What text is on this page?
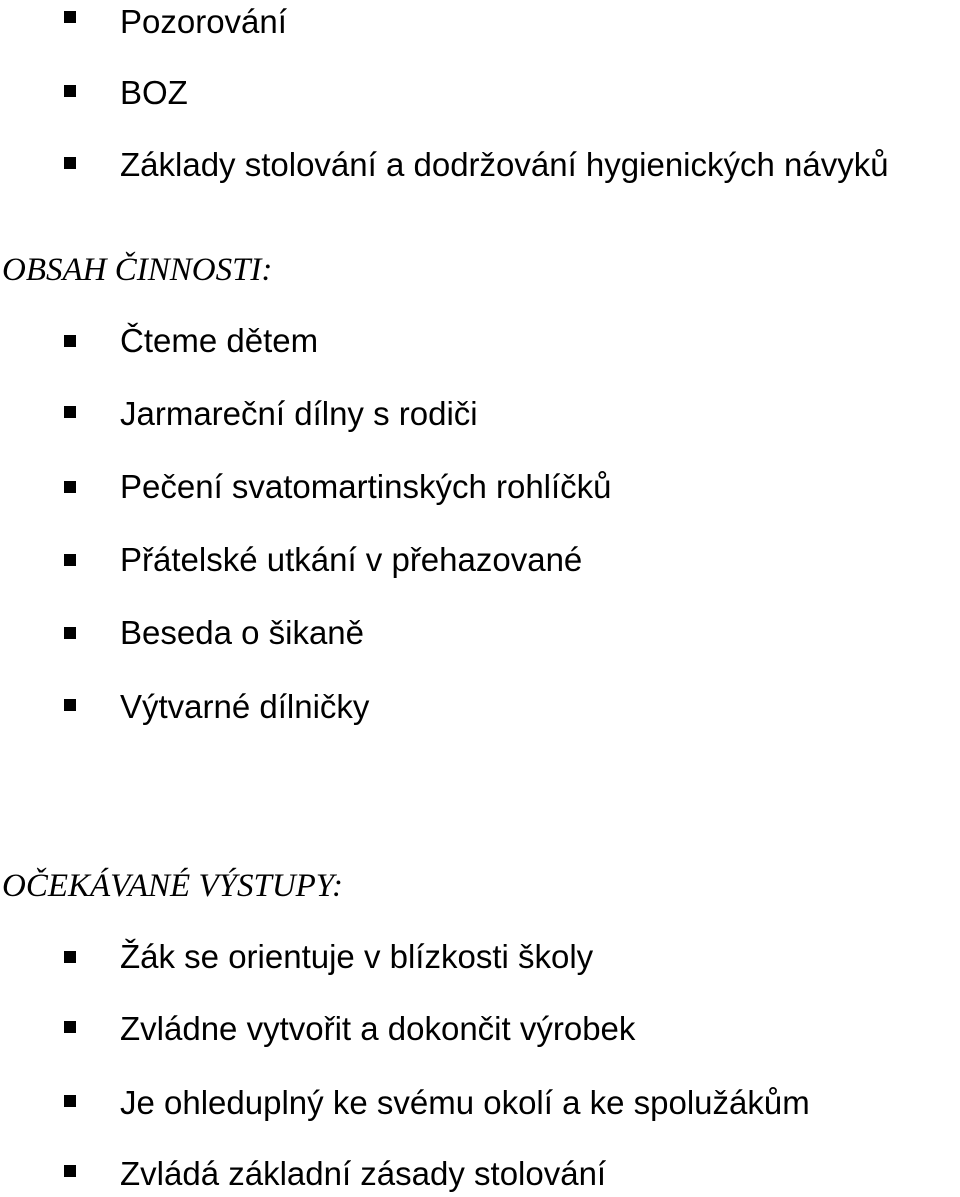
Pozorování
BOZ
Základy stolování a dodržování hygienických návyků
OBSAH ČINNOSTI:
Čteme dětem
Jarmareční dílny s rodiči
Pečení svatomartinských rohlíčků
Přátelské utkání v přehazované
Beseda o šikaně
Výtvarné dílničky
OČEKÁVANÉ VÝSTUPY:
Žák se orientuje v blízkosti školy
Zvládne vytvořit a dokončit výrobek
Je ohleduplný ke svému okolí a ke spolužákům
Zvládá základní zásady stolování
